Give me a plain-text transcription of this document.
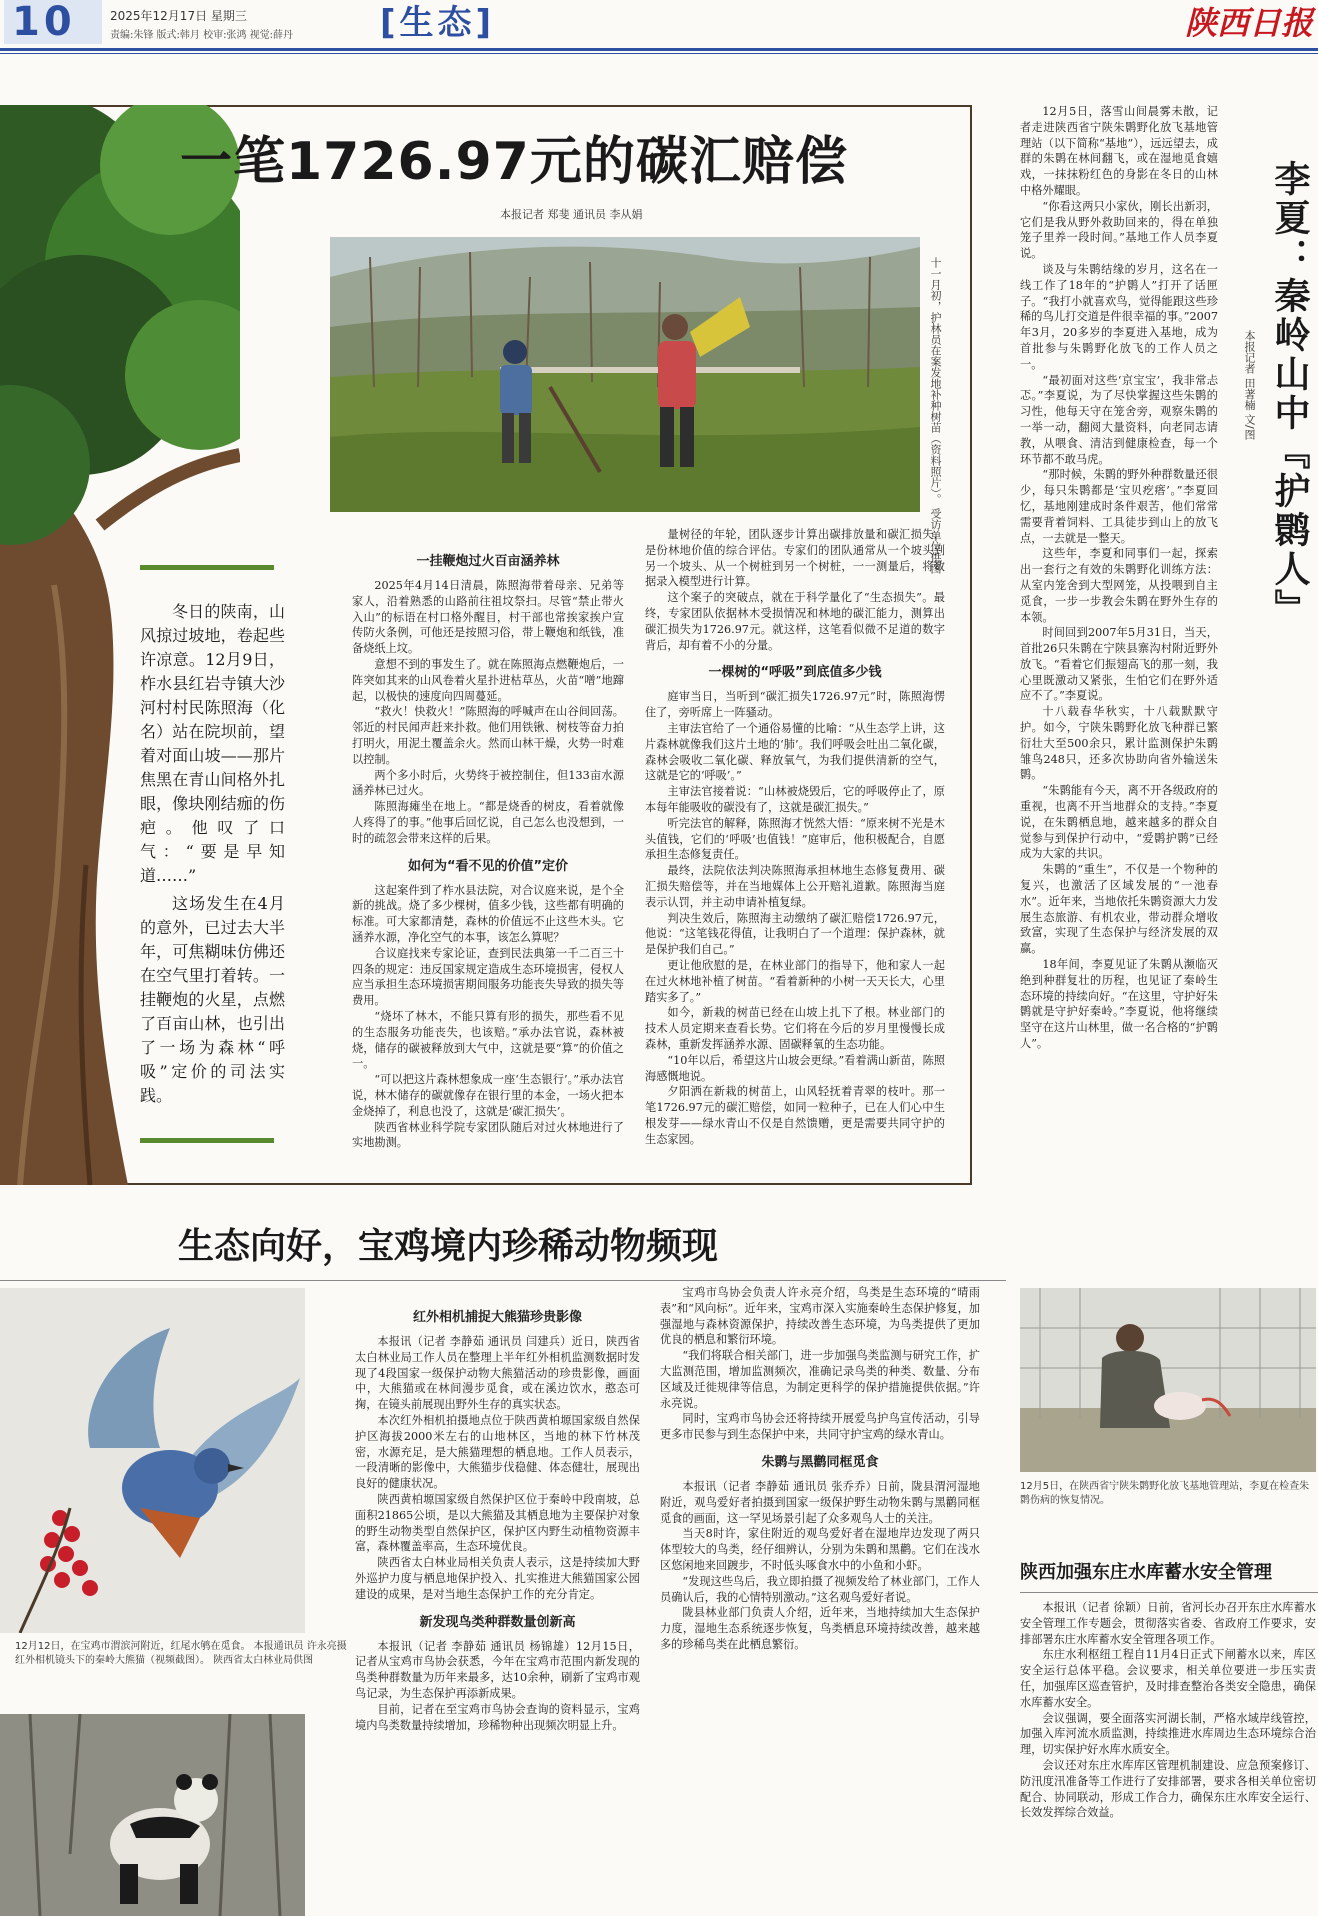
10	2025年12月17日 星期三
责编:朱锋 版式:韩月 校审:张鸿 视觉:薛丹	[生态]	陕西日报
一笔1726.97元的碳汇赔偿
本报记者 郑斐 通讯员 李从娟
十一月初，护林员在案发地补种树苗（资料照片）。 受访单位供图

冬日的陕南，山风掠过坡地，卷起些许凉意。12月9日，柞水县红岩寺镇大沙河村村民陈照海（化名）站在院坝前，望着对面山坡——那片焦黑在青山间格外扎眼，像块刚结痂的伤疤。他叹了口气：“要是早知道……”

这场发生在4月的意外，已过去大半年，可焦糊味仿佛还在空气里打着转。一挂鞭炮的火星，点燃了百亩山林，也引出了一场为森林“呼吸”定价的司法实践。

一挂鞭炮过火百亩涵养林

2025年4月14日清晨，陈照海带着母亲、兄弟等家人，沿着熟悉的山路前往祖坟祭扫。尽管“禁止带火入山”的标语在村口格外醒目，村干部也常挨家挨户宣传防火条例，可他还是按照习俗，带上鞭炮和纸钱，准备烧纸上坟。

意想不到的事发生了。就在陈照海点燃鞭炮后，一阵突如其来的山风卷着火星扑进枯草丛，火苗“噌”地蹿起，以极快的速度向四周蔓延。

“救火！快救火！”陈照海的呼喊声在山谷间回荡。邻近的村民闻声赶来扑救。他们用铁锹、树枝等奋力拍打明火，用泥土覆盖余火。然而山林干燥，火势一时难以控制。

两个多小时后，火势终于被控制住，但133亩水源涵养林已过火。

陈照海瘫坐在地上。“都是烧香的树皮，看着就像人疼得了的事。”他事后回忆说，自己怎么也没想到，一时的疏忽会带来这样的后果。

如何为“看不见的价值”定价

这起案件到了柞水县法院，对合议庭来说，是个全新的挑战。烧了多少棵树，值多少钱，这些都有明确的标准。可大家都清楚，森林的价值远不止这些木头。它涵养水源，净化空气的本事，该怎么算呢？

合议庭找来专家论证，查到民法典第一千二百三十四条的规定：违反国家规定造成生态环境损害，侵权人应当承担生态环境损害期间服务功能丧失导致的损失等费用。

“烧坏了林木，不能只算有形的损失，那些看不见的生态服务功能丧失，也该赔。”承办法官说，森林被烧，储存的碳被释放到大气中，这就是要“算”的价值之一。

“可以把这片森林想象成一座‘生态银行’。”承办法官说，林木储存的碳就像存在银行里的本金，一场火把本金烧掉了，利息也没了，这就是‘碳汇损失’。

陕西省林业科学院专家团队随后对过火林地进行了实地勘测。

量树径的年轮，团队逐步计算出碳排放量和碳汇损失，是份林地价值的综合评估。专家们的团队通常从一个坡头到另一个坡头、从一个树桩到另一个树桩，一一测量后，将数据录入模型进行计算。

这个案子的突破点，就在于科学量化了“生态损失”。最终，专家团队依据林木受损情况和林地的碳汇能力，测算出碳汇损失为1726.97元。就这样，这笔看似微不足道的数字背后，却有着不小的分量。

一棵树的“呼吸”到底值多少钱

庭审当日，当听到“碳汇损失1726.97元”时，陈照海愣住了，旁听席上一阵骚动。

主审法官给了一个通俗易懂的比喻：“从生态学上讲，这片森林就像我们这片土地的‘肺’。我们呼吸会吐出二氧化碳，森林会吸收二氧化碳、释放氧气，为我们提供清新的空气，这就是它的‘呼吸’。”

主审法官接着说：“山林被烧毁后，它的呼吸停止了，原本每年能吸收的碳没有了，这就是碳汇损失。”

听完法官的解释，陈照海才恍然大悟：“原来树不光是木头值钱，它们的‘呼吸’也值钱！”庭审后，他积极配合，自愿承担生态修复责任。

最终，法院依法判决陈照海承担林地生态修复费用、碳汇损失赔偿等，并在当地媒体上公开赔礼道歉。陈照海当庭表示认罚，并主动申请补植复绿。

判决生效后，陈照海主动缴纳了碳汇赔偿1726.97元，他说：“这笔钱花得值，让我明白了一个道理：保护森林，就是保护我们自己。”

更让他欣慰的是，在林业部门的指导下，他和家人一起在过火林地补植了树苗。“看着新种的小树一天天长大，心里踏实多了。”

如今，新栽的树苗已经在山坡上扎下了根。林业部门的技术人员定期来查看长势。它们将在今后的岁月里慢慢长成森林，重新发挥涵养水源、固碳释氧的生态功能。

“10年以后，希望这片山坡会更绿。”看着满山新苗，陈照海感慨地说。

夕阳洒在新栽的树苗上，山风轻抚着青翠的枝叶。那一笔1726.97元的碳汇赔偿，如同一粒种子，已在人们心中生根发芽——绿水青山不仅是自然馈赠，更是需要共同守护的生态家园。

12月5日，落雪山间晨雾未散，记者走进陕西省宁陕朱鹮野化放飞基地管理站（以下简称“基地”），远远望去，成群的朱鹮在林间翻飞，或在湿地觅食嬉戏，一抹抹粉红色的身影在冬日的山林中格外耀眼。

“你看这两只小家伙，刚长出新羽，它们是我从野外救助回来的，得在单独笼子里养一段时间。”基地工作人员李夏说。

谈及与朱鹮结缘的岁月，这名在一线工作了18年的“护鹮人”打开了话匣子。“我打小就喜欢鸟，觉得能跟这些珍稀的鸟儿打交道是件很幸福的事。”2007年3月，20多岁的李夏进入基地，成为首批参与朱鹮野化放飞的工作人员之一。

“最初面对这些‘京宝宝’，我非常忐忑。”李夏说，为了尽快掌握这些朱鹮的习性，他每天守在笼舍旁，观察朱鹮的一举一动，翻阅大量资料，向老同志请教，从喂食、清洁到健康检查，每一个环节都不敢马虎。

“那时候，朱鹮的野外种群数量还很少，每只朱鹮都是‘宝贝疙瘩’。”李夏回忆，基地刚建成时条件艰苦，他们常常需要背着饲料、工具徒步到山上的放飞点，一去就是一整天。

这些年，李夏和同事们一起，探索出一套行之有效的朱鹮野化训练方法：从室内笼舍到大型网笼，从投喂到自主觅食，一步一步教会朱鹮在野外生存的本领。

时间回到2007年5月31日，当天，首批26只朱鹮在宁陕县寨沟村附近野外放飞。“看着它们振翅高飞的那一刻，我心里既激动又紧张，生怕它们在野外适应不了。”李夏说。

十八载春华秋实，十八载默默守护。如今，宁陕朱鹮野化放飞种群已繁衍壮大至500余只，累计监测保护朱鹮雏鸟248只，还多次协助向省外输送朱鹮。

“朱鹮能有今天，离不开各级政府的重视，也离不开当地群众的支持。”李夏说，在朱鹮栖息地，越来越多的群众自觉参与到保护行动中，“爱鹮护鹮”已经成为大家的共识。

朱鹮的“重生”，不仅是一个物种的复兴，也激活了区域发展的“一池春水”。近年来，当地依托朱鹮资源大力发展生态旅游、有机农业，带动群众增收致富，实现了生态保护与经济发展的双赢。

18年间，李夏见证了朱鹮从濒临灭绝到种群复壮的历程，也见证了秦岭生态环境的持续向好。“在这里，守护好朱鹮就是守护好秦岭。”李夏说，他将继续坚守在这片山林里，做一名合格的“护鹮人”。

李夏：秦岭山中『护鹮人』
本报记者 田著楠 文/图
12月5日，在陕西省宁陕朱鹮野化放飞基地管理站，李夏在检查朱鹮伤病的恢复情况。
生态向好，宝鸡境内珍稀动物频现
12月12日，在宝鸡市渭滨河附近，红尾水鸲在觅食。 本报通讯员 许永亮摄
红外相机镜头下的秦岭大熊猫（视频截图）。 陕西省太白林业局供图
红外相机捕捉大熊猫珍贵影像

本报讯（记者 李静茹 通讯员 闫建兵）近日，陕西省太白林业局工作人员在整理上半年红外相机监测数据时发现了4段国家一级保护动物大熊猫活动的珍贵影像，画面中，大熊猫或在林间漫步觅食，或在溪边饮水，憨态可掬，在镜头前展现出野外生存的真实状态。

本次红外相机拍摄地点位于陕西黄柏塬国家级自然保护区海拔2000米左右的山地林区，当地的林下竹林茂密，水源充足，是大熊猫理想的栖息地。工作人员表示，一段清晰的影像中，大熊猫步伐稳健、体态健壮，展现出良好的健康状况。

陕西黄柏塬国家级自然保护区位于秦岭中段南坡，总面积21865公顷，是以大熊猫及其栖息地为主要保护对象的野生动物类型自然保护区，保护区内野生动植物资源丰富，森林覆盖率高，生态环境优良。

陕西省太白林业局相关负责人表示，这是持续加大野外巡护力度与栖息地保护投入、扎实推进大熊猫国家公园建设的成果，是对当地生态保护工作的充分肯定。

新发现鸟类种群数量创新高

本报讯（记者 李静茹 通讯员 杨锦雄）12月15日，记者从宝鸡市鸟协会获悉，今年在宝鸡市范围内新发现的鸟类种群数量为历年来最多，达10余种，刷新了宝鸡市观鸟记录，为生态保护再添新成果。

目前，记者在至宝鸡市鸟协会查询的资料显示，宝鸡境内鸟类数量持续增加，珍稀物种出现频次明显上升。

宝鸡市鸟协会负责人许永亮介绍，鸟类是生态环境的“晴雨表”和“风向标”。近年来，宝鸡市深入实施秦岭生态保护修复，加强湿地与森林资源保护，持续改善生态环境，为鸟类提供了更加优良的栖息和繁衍环境。

“我们将联合相关部门，进一步加强鸟类监测与研究工作，扩大监测范围，增加监测频次，准确记录鸟类的种类、数量、分布区域及迁徙规律等信息，为制定更科学的保护措施提供依据。”许永亮说。

同时，宝鸡市鸟协会还将持续开展爱鸟护鸟宣传活动，引导更多市民参与到生态保护中来，共同守护宝鸡的绿水青山。

朱鹮与黑鹳同框觅食

本报讯（记者 李静茹 通讯员 张乔乔）日前，陇县渭河湿地附近，观鸟爱好者拍摄到国家一级保护野生动物朱鹮与黑鹳同框觅食的画面，这一罕见场景引起了众多观鸟人士的关注。

当天8时许，家住附近的观鸟爱好者在湿地岸边发现了两只体型较大的鸟类，经仔细辨认，分别为朱鹮和黑鹳。它们在浅水区悠闲地来回踱步，不时低头啄食水中的小鱼和小虾。

“发现这些鸟后，我立即拍摄了视频发给了林业部门，工作人员确认后，我的心情特别激动。”这名观鸟爱好者说。

陇县林业部门负责人介绍，近年来，当地持续加大生态保护力度，湿地生态系统逐步恢复，鸟类栖息环境持续改善，越来越多的珍稀鸟类在此栖息繁衍。

陕西加强东庄水库蓄水安全管理

本报讯（记者 徐颖）日前，省河长办召开东庄水库蓄水安全管理工作专题会，贯彻落实省委、省政府工作要求，安排部署东庄水库蓄水安全管理各项工作。

东庄水利枢纽工程自11月4日正式下闸蓄水以来，库区安全运行总体平稳。会议要求，相关单位要进一步压实责任，加强库区巡查管护，及时排查整治各类安全隐患，确保水库蓄水安全。

会议强调，要全面落实河湖长制，严格水域岸线管控，加强入库河流水质监测，持续推进水库周边生态环境综合治理，切实保护好水库水质安全。

会议还对东庄水库库区管理机制建设、应急预案修订、防汛度汛准备等工作进行了安排部署，要求各相关单位密切配合、协同联动，形成工作合力，确保东庄水库安全运行、长效发挥综合效益。
